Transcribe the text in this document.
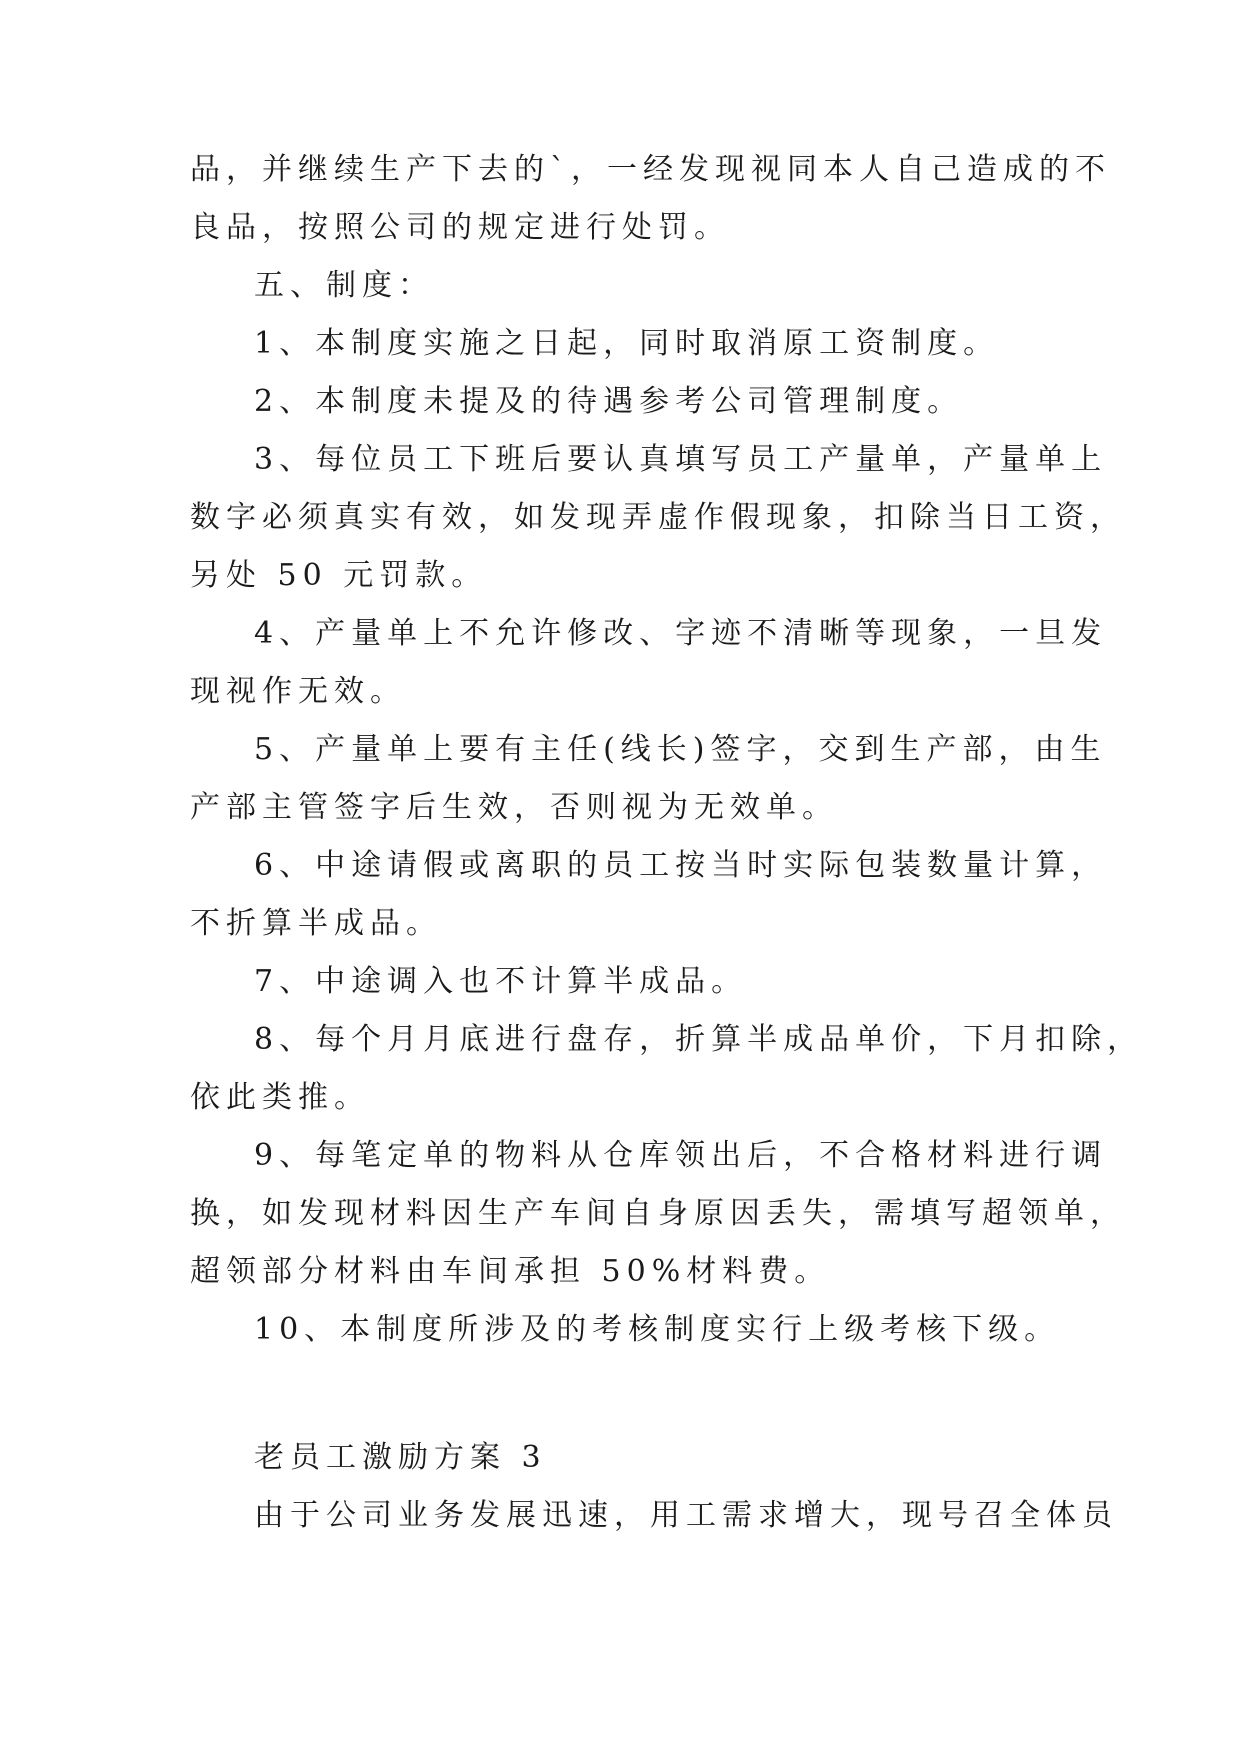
品，并继续生产下去的`，一经发现视同本人自己造成的不
良品，按照公司的规定进行处罚。
五、制度：
1、本制度实施之日起，同时取消原工资制度。
2、本制度未提及的待遇参考公司管理制度。
3、每位员工下班后要认真填写员工产量单，产量单上
数字必须真实有效，如发现弄虚作假现象，扣除当日工资，
另处 50 元罚款。
4、产量单上不允许修改、字迹不清晰等现象，一旦发
现视作无效。
5、产量单上要有主任(线长)签字，交到生产部，由生
产部主管签字后生效，否则视为无效单。
6、中途请假或离职的员工按当时实际包装数量计算，
不折算半成品。
7、中途调入也不计算半成品。
8、每个月月底进行盘存，折算半成品单价，下月扣除，
依此类推。
9、每笔定单的物料从仓库领出后，不合格材料进行调
换，如发现材料因生产车间自身原因丢失，需填写超领单，
超领部分材料由车间承担 50%材料费。
10、本制度所涉及的考核制度实行上级考核下级。
老员工激励方案 3
由于公司业务发展迅速，用工需求增大，现号召全体员
